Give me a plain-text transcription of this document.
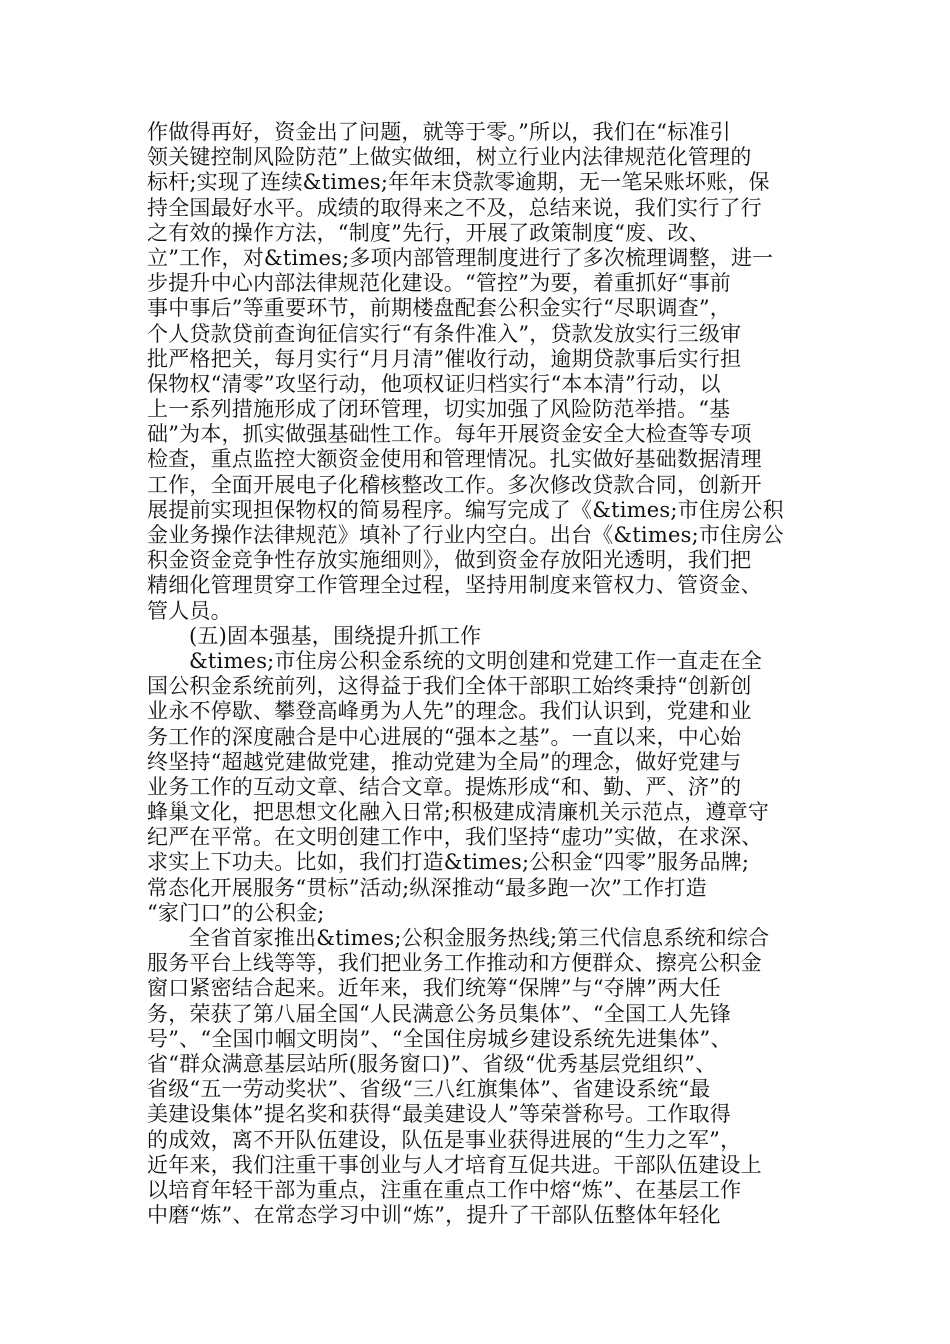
作做得再好，资金出了问题，就等于零。”所以，我们在“标准引
领关键控制风险防范”上做实做细，树立行业内法律规范化管理的
标杆;实现了连续&times;年年末贷款零逾期，无一笔呆账坏账，保
持全国最好水平。成绩的取得来之不及，总结来说，我们实行了行
之有效的操作方法，“制度”先行，开展了政策制度“废、改、
立”工作，对&times;多项内部管理制度进行了多次梳理调整，进一
步提升中心内部法律规范化建设。“管控”为要，着重抓好“事前
事中事后”等重要环节，前期楼盘配套公积金实行“尽职调查”，
个人贷款贷前查询征信实行“有条件准入”，贷款发放实行三级审
批严格把关，每月实行“月月清”催收行动，逾期贷款事后实行担
保物权“清零”攻坚行动，他项权证归档实行“本本清”行动，以
上一系列措施形成了闭环管理，切实加强了风险防范举措。“基
础”为本，抓实做强基础性工作。每年开展资金安全大检查等专项
检查，重点监控大额资金使用和管理情况。扎实做好基础数据清理
工作，全面开展电子化稽核整改工作。多次修改贷款合同，创新开
展提前实现担保物权的简易程序。编写完成了《&times;市住房公积
金业务操作法律规范》填补了行业内空白。出台《&times;市住房公
积金资金竞争性存放实施细则》，做到资金存放阳光透明，我们把
精细化管理贯穿工作管理全过程，坚持用制度来管权力、管资金、
管人员。
(五)固本强基，围绕提升抓工作
&times;市住房公积金系统的文明创建和党建工作一直走在全
国公积金系统前列，这得益于我们全体干部职工始终秉持“创新创
业永不停歇、攀登高峰勇为人先”的理念。我们认识到，党建和业
务工作的深度融合是中心进展的“强本之基”。一直以来，中心始
终坚持“超越党建做党建，推动党建为全局”的理念，做好党建与
业务工作的互动文章、结合文章。提炼形成“和、勤、严、济”的
蜂巢文化，把思想文化融入日常;积极建成清廉机关示范点，遵章守
纪严在平常。在文明创建工作中，我们坚持“虚功”实做，在求深、
求实上下功夫。比如，我们打造&times;公积金“四零”服务品牌;
常态化开展服务“贯标”活动;纵深推动“最多跑一次”工作打造
“家门口”的公积金;
全省首家推出&times;公积金服务热线;第三代信息系统和综合
服务平台上线等等，我们把业务工作推动和方便群众、擦亮公积金
窗口紧密结合起来。近年来，我们统筹“保牌”与“夺牌”两大任
务，荣获了第八届全国“人民满意公务员集体”、“全国工人先锋
号”、“全国巾帼文明岗”、“全国住房城乡建设系统先进集体”、
省“群众满意基层站所(服务窗口)”、省级“优秀基层党组织”、
省级“五一劳动奖状”、省级“三八红旗集体”、省建设系统“最
美建设集体”提名奖和获得“最美建设人”等荣誉称号。工作取得
的成效，离不开队伍建设，队伍是事业获得进展的“生力之军”，
近年来，我们注重干事创业与人才培育互促共进。干部队伍建设上
以培育年轻干部为重点，注重在重点工作中熔“炼”、在基层工作
中磨“炼”、在常态学习中训“炼”，提升了干部队伍整体年轻化
